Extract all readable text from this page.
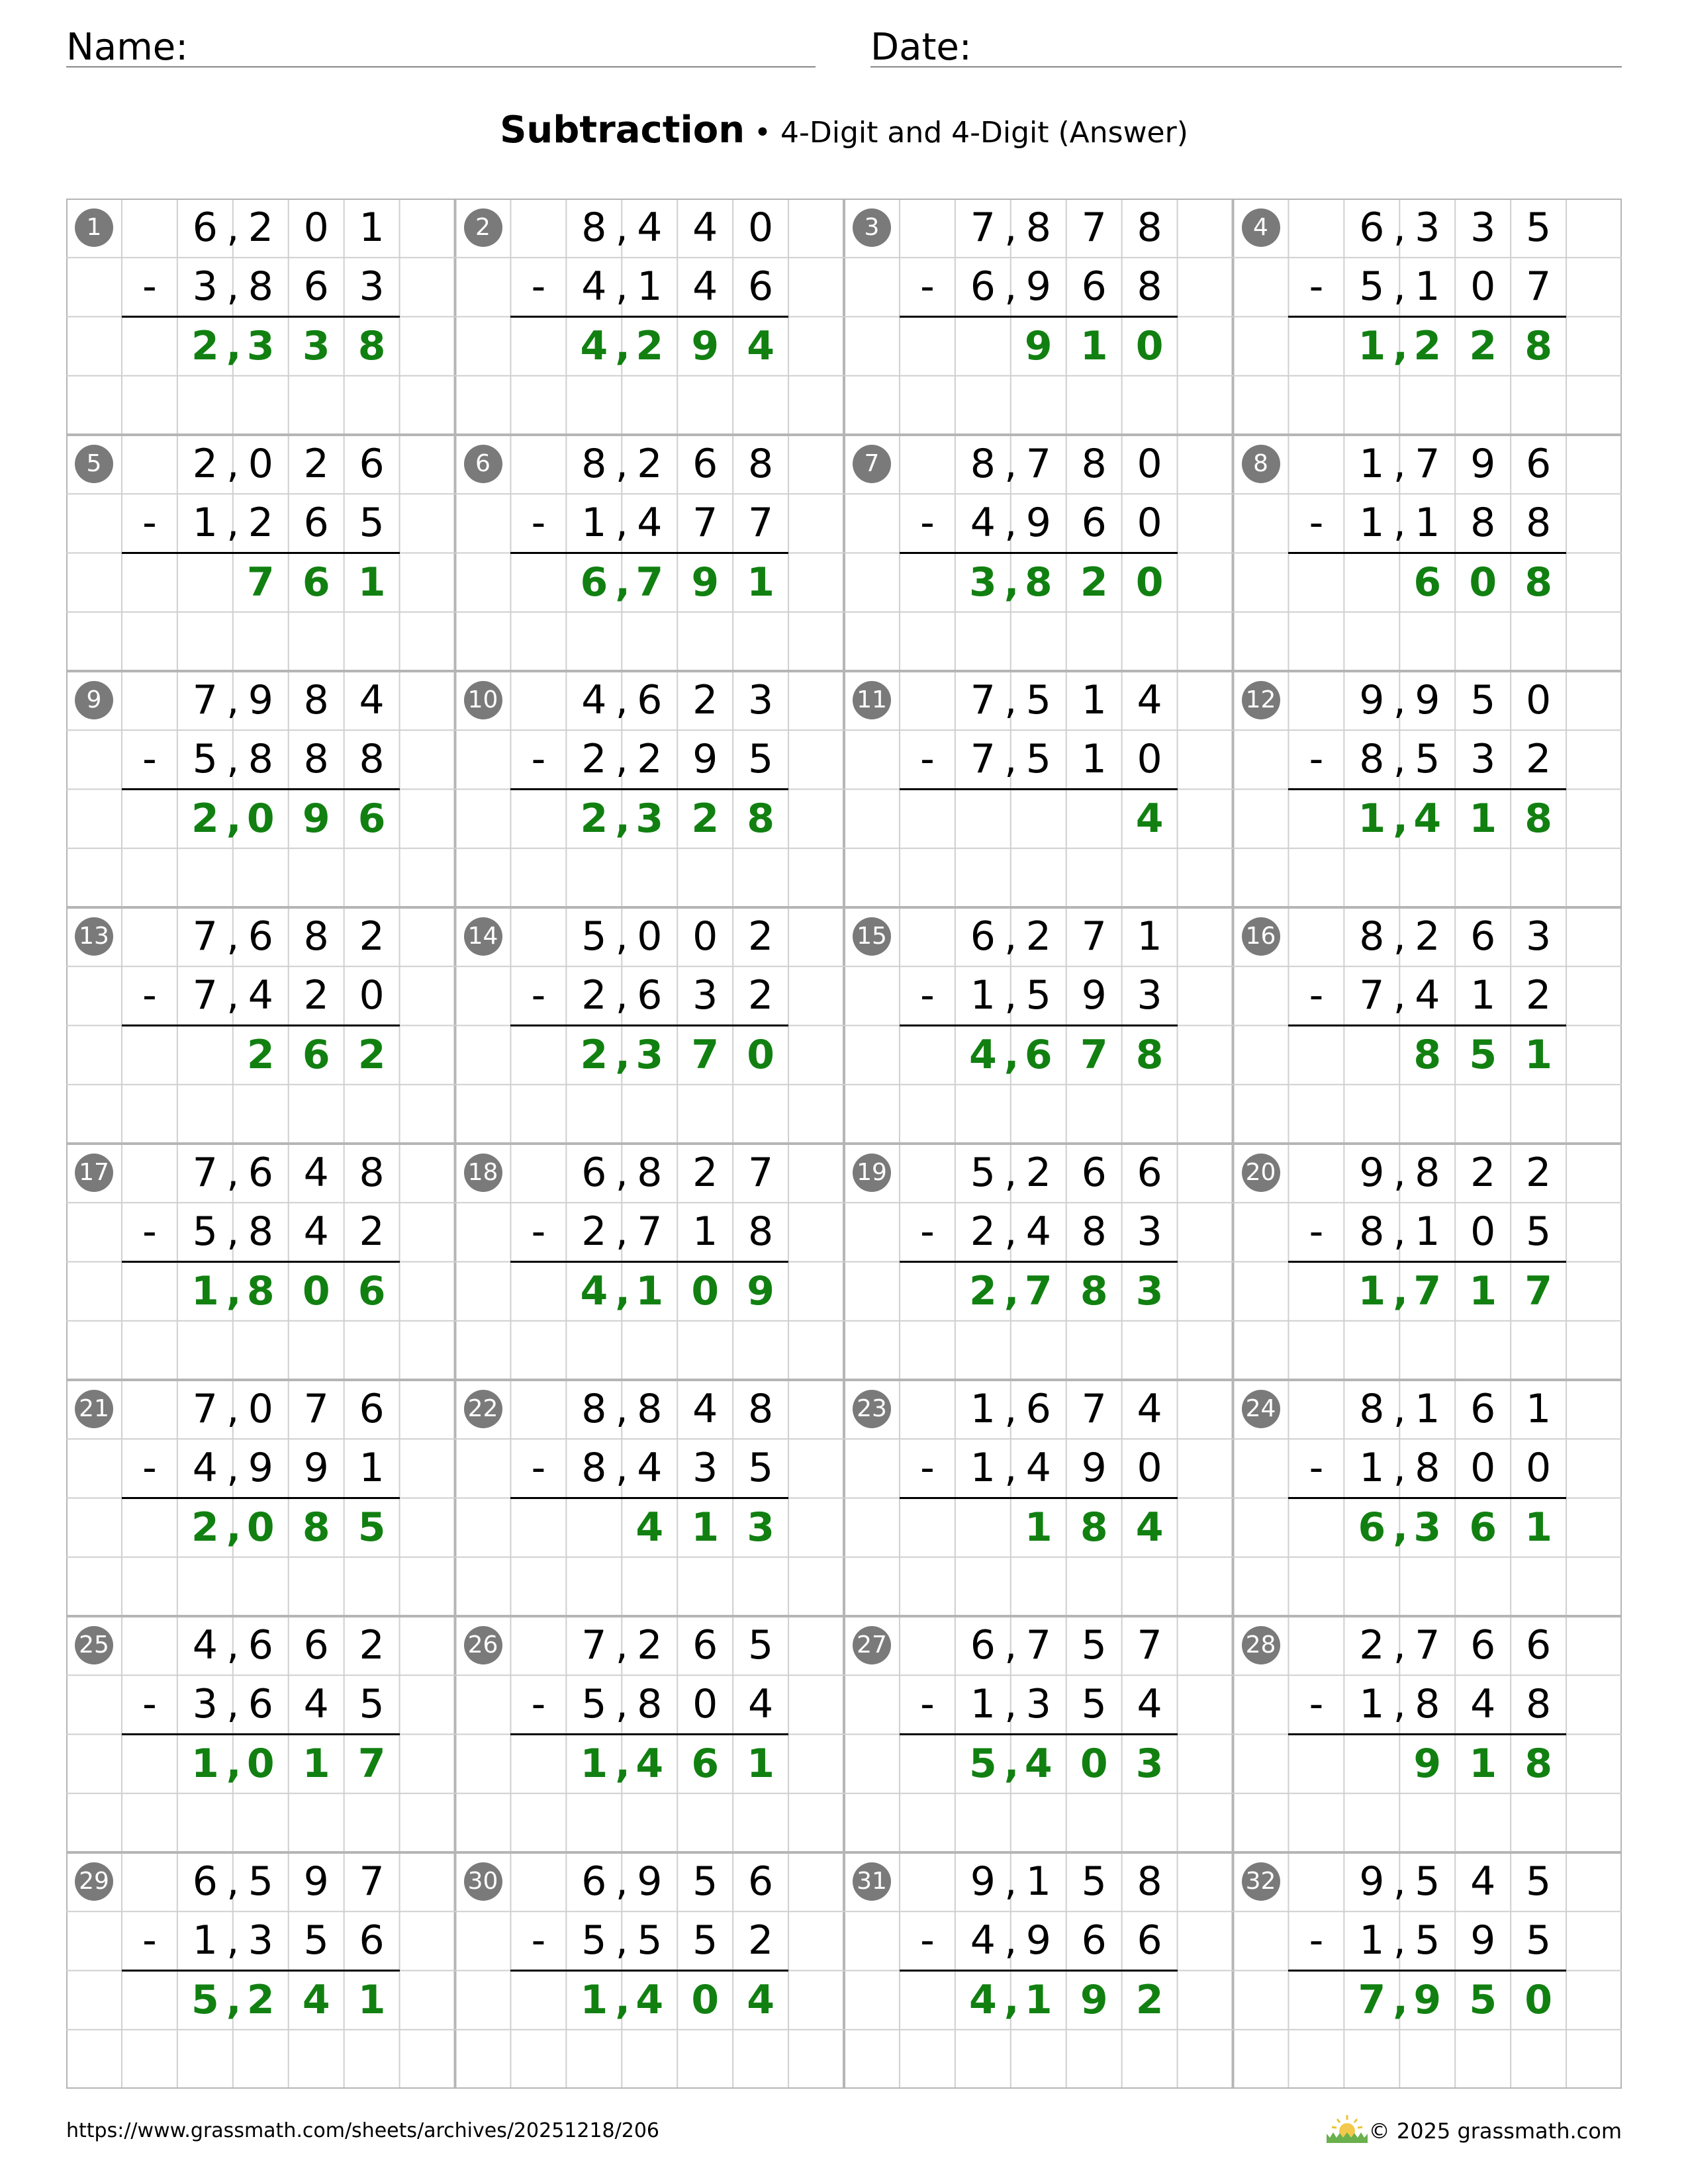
Name:	Date:
Subtraction • 4-Digit and 4-Digit (Answer)
1	6 , 2 0 1
3 , 8 6 3
2 , 3 3 8
-
2	8 , 4 4 0
4 , 1 4 6
4 , 2 9 4
-
3	7 , 8 7 8
6 , 9 6 8
9 1 0
-
4	6 , 3 3 5
5 , 1 0 7
1 , 2 2 8
-
5	2 , 0 2 6
1 , 2 6 5
7 6 1
-
6	8 , 2 6 8
1 , 4 7 7
6 , 7 9 1
-
7	8 , 7 8 0
4 , 9 6 0
3 , 8 2 0
-
8	1 , 7 9 6
1 , 1 8 8
6 0 8
-
9	7 , 9 8 4
5 , 8 8 8
2 , 0 9 6
-
10	4 , 6 2 3
2 , 2 9 5
2 , 3 2 8
-
11	7 , 5 1 4
7 , 5 1 0
4
-
12	9 , 9 5 0
8 , 5 3 2
1 , 4 1 8
-
13	7 , 6 8 2
7 , 4 2 0
2 6 2
-
14	5 , 0 0 2
2 , 6 3 2
2 , 3 7 0
-
15	6 , 2 7 1
1 , 5 9 3
4 , 6 7 8
-
16	8 , 2 6 3
7 , 4 1 2
8 5 1
-
17	7 , 6 4 8
5 , 8 4 2
1 , 8 0 6
-
18	6 , 8 2 7
2 , 7 1 8
4 , 1 0 9
-
19	5 , 2 6 6
2 , 4 8 3
2 , 7 8 3
-
20	9 , 8 2 2
8 , 1 0 5
1 , 7 1 7
-
21	7 , 0 7 6
4 , 9 9 1
2 , 0 8 5
-
22	8 , 8 4 8
8 , 4 3 5
4 1 3
-
23	1 , 6 7 4
1 , 4 9 0
1 8 4
-
24	8 , 1 6 1
1 , 8 0 0
6 , 3 6 1
-
25	4 , 6 6 2
3 , 6 4 5
1 , 0 1 7
-
26	7 , 2 6 5
5 , 8 0 4
1 , 4 6 1
-
27	6 , 7 5 7
1 , 3 5 4
5 , 4 0 3
-
28	2 , 7 6 6
1 , 8 4 8
9 1 8
-
29	6 , 5 9 7
1 , 3 5 6
5 , 2 4 1
-
30	6 , 9 5 6
5 , 5 5 2
1 , 4 0 4
-
31	9 , 1 5 8
4 , 9 6 6
4 , 1 9 2
-
32	9 , 5 4 5
1 , 5 9 5
7 , 9 5 0
-
https://www.grassmath.com/sheets/archives/20251218/206	© 2025 grassmath.com
